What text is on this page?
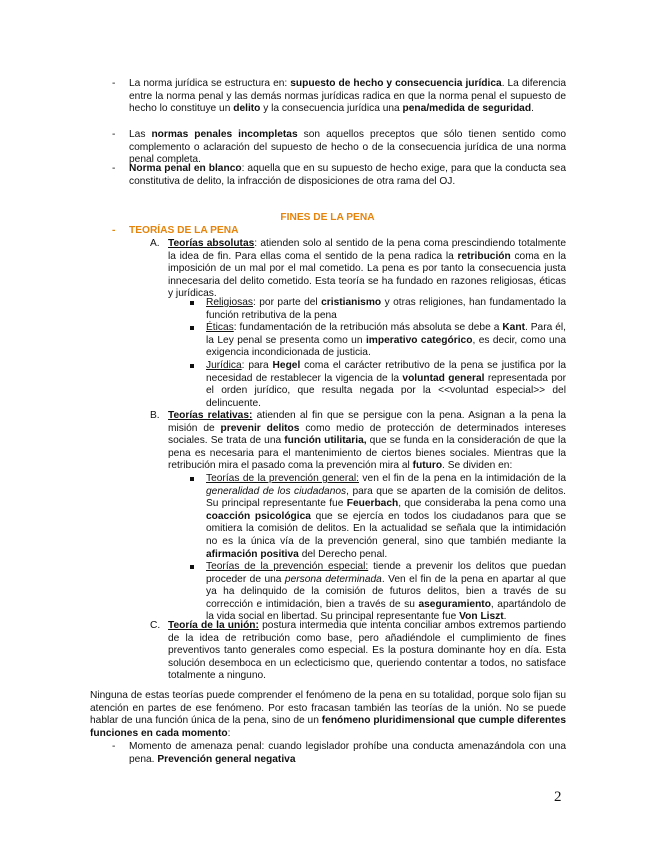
- La norma jurídica se estructura en: supuesto de hecho y consecuencia jurídica. La diferencia entre la norma penal y las demás normas jurídicas radica en que la norma penal el supuesto de hecho lo constituye un delito y la consecuencia jurídica una pena/medida de seguridad.
- Las normas penales incompletas son aquellos preceptos que sólo tienen sentido como complemento o aclaración del supuesto de hecho o de la consecuencia jurídica de una norma penal completa.
- Norma penal en blanco: aquella que en su supuesto de hecho exige, para que la conducta sea constitutiva de delito, la infracción de disposiciones de otra rama del OJ.
FINES DE LA PENA
- TEORÍAS DE LA PENA
A. Teorías absolutas: atienden solo al sentido de la pena coma prescindiendo totalmente la idea de fin. Para ellas coma el sentido de la pena radica la retribución coma en la imposición de un mal por el mal cometido. La pena es por tanto la consecuencia justa innecesaria del delito cometido. Esta teoría se ha fundado en razones religiosas, éticas y jurídicas.
Religiosas: por parte del cristianismo y otras religiones, han fundamentado la función retributiva de la pena
Éticas: fundamentación de la retribución más absoluta se debe a Kant. Para él, la Ley penal se presenta como un imperativo categórico, es decir, como una exigencia incondicionada de justicia.
Jurídica: para Hegel coma el carácter retributivo de la pena se justifica por la necesidad de restablecer la vigencia de la voluntad general representada por el orden jurídico, que resulta negada por la <<voluntad especial>> del delincuente.
B. Teorías relativas: atienden al fin que se persigue con la pena. Asignan a la pena la misión de prevenir delitos como medio de protección de determinados intereses sociales. Se trata de una función utilitaria, que se funda en la consideración de que la pena es necesaria para el mantenimiento de ciertos bienes sociales. Mientras que la retribución mira el pasado coma la prevención mira al futuro. Se dividen en:
Teorías de la prevención general: ven el fin de la pena en la intimidación de la generalidad de los ciudadanos, para que se aparten de la comisión de delitos. Su principal representante fue Feuerbach, que consideraba la pena como una coacción psicológica que se ejercía en todos los ciudadanos para que se omitiera la comisión de delitos. En la actualidad se señala que la intimidación no es la única vía de la prevención general, sino que también mediante la afirmación positiva del Derecho penal.
Teorías de la prevención especial: tiende a prevenir los delitos que puedan proceder de una persona determinada. Ven el fin de la pena en apartar al que ya ha delinquido de la comisión de futuros delitos, bien a través de su corrección e intimidación, bien a través de su aseguramiento, apartándolo de la vida social en libertad. Su principal representante fue Von Liszt.
C. Teoría de la unión: postura intermedia que intenta conciliar ambos extremos partiendo de la idea de retribución como base, pero añadiéndole el cumplimiento de fines preventivos tanto generales como especial. Es la postura dominante hoy en día. Esta solución desemboca en un eclecticismo que, queriendo contentar a todos, no satisface totalmente a ninguno.
Ninguna de estas teorías puede comprender el fenómeno de la pena en su totalidad, porque solo fijan su atención en partes de ese fenómeno. Por esto fracasan también las teorías de la unión. No se puede hablar de una función única de la pena, sino de un fenómeno pluridimensional que cumple diferentes funciones en cada momento:
- Momento de amenaza penal: cuando legislador prohíbe una conducta amenazándola con una pena. Prevención general negativa
2
